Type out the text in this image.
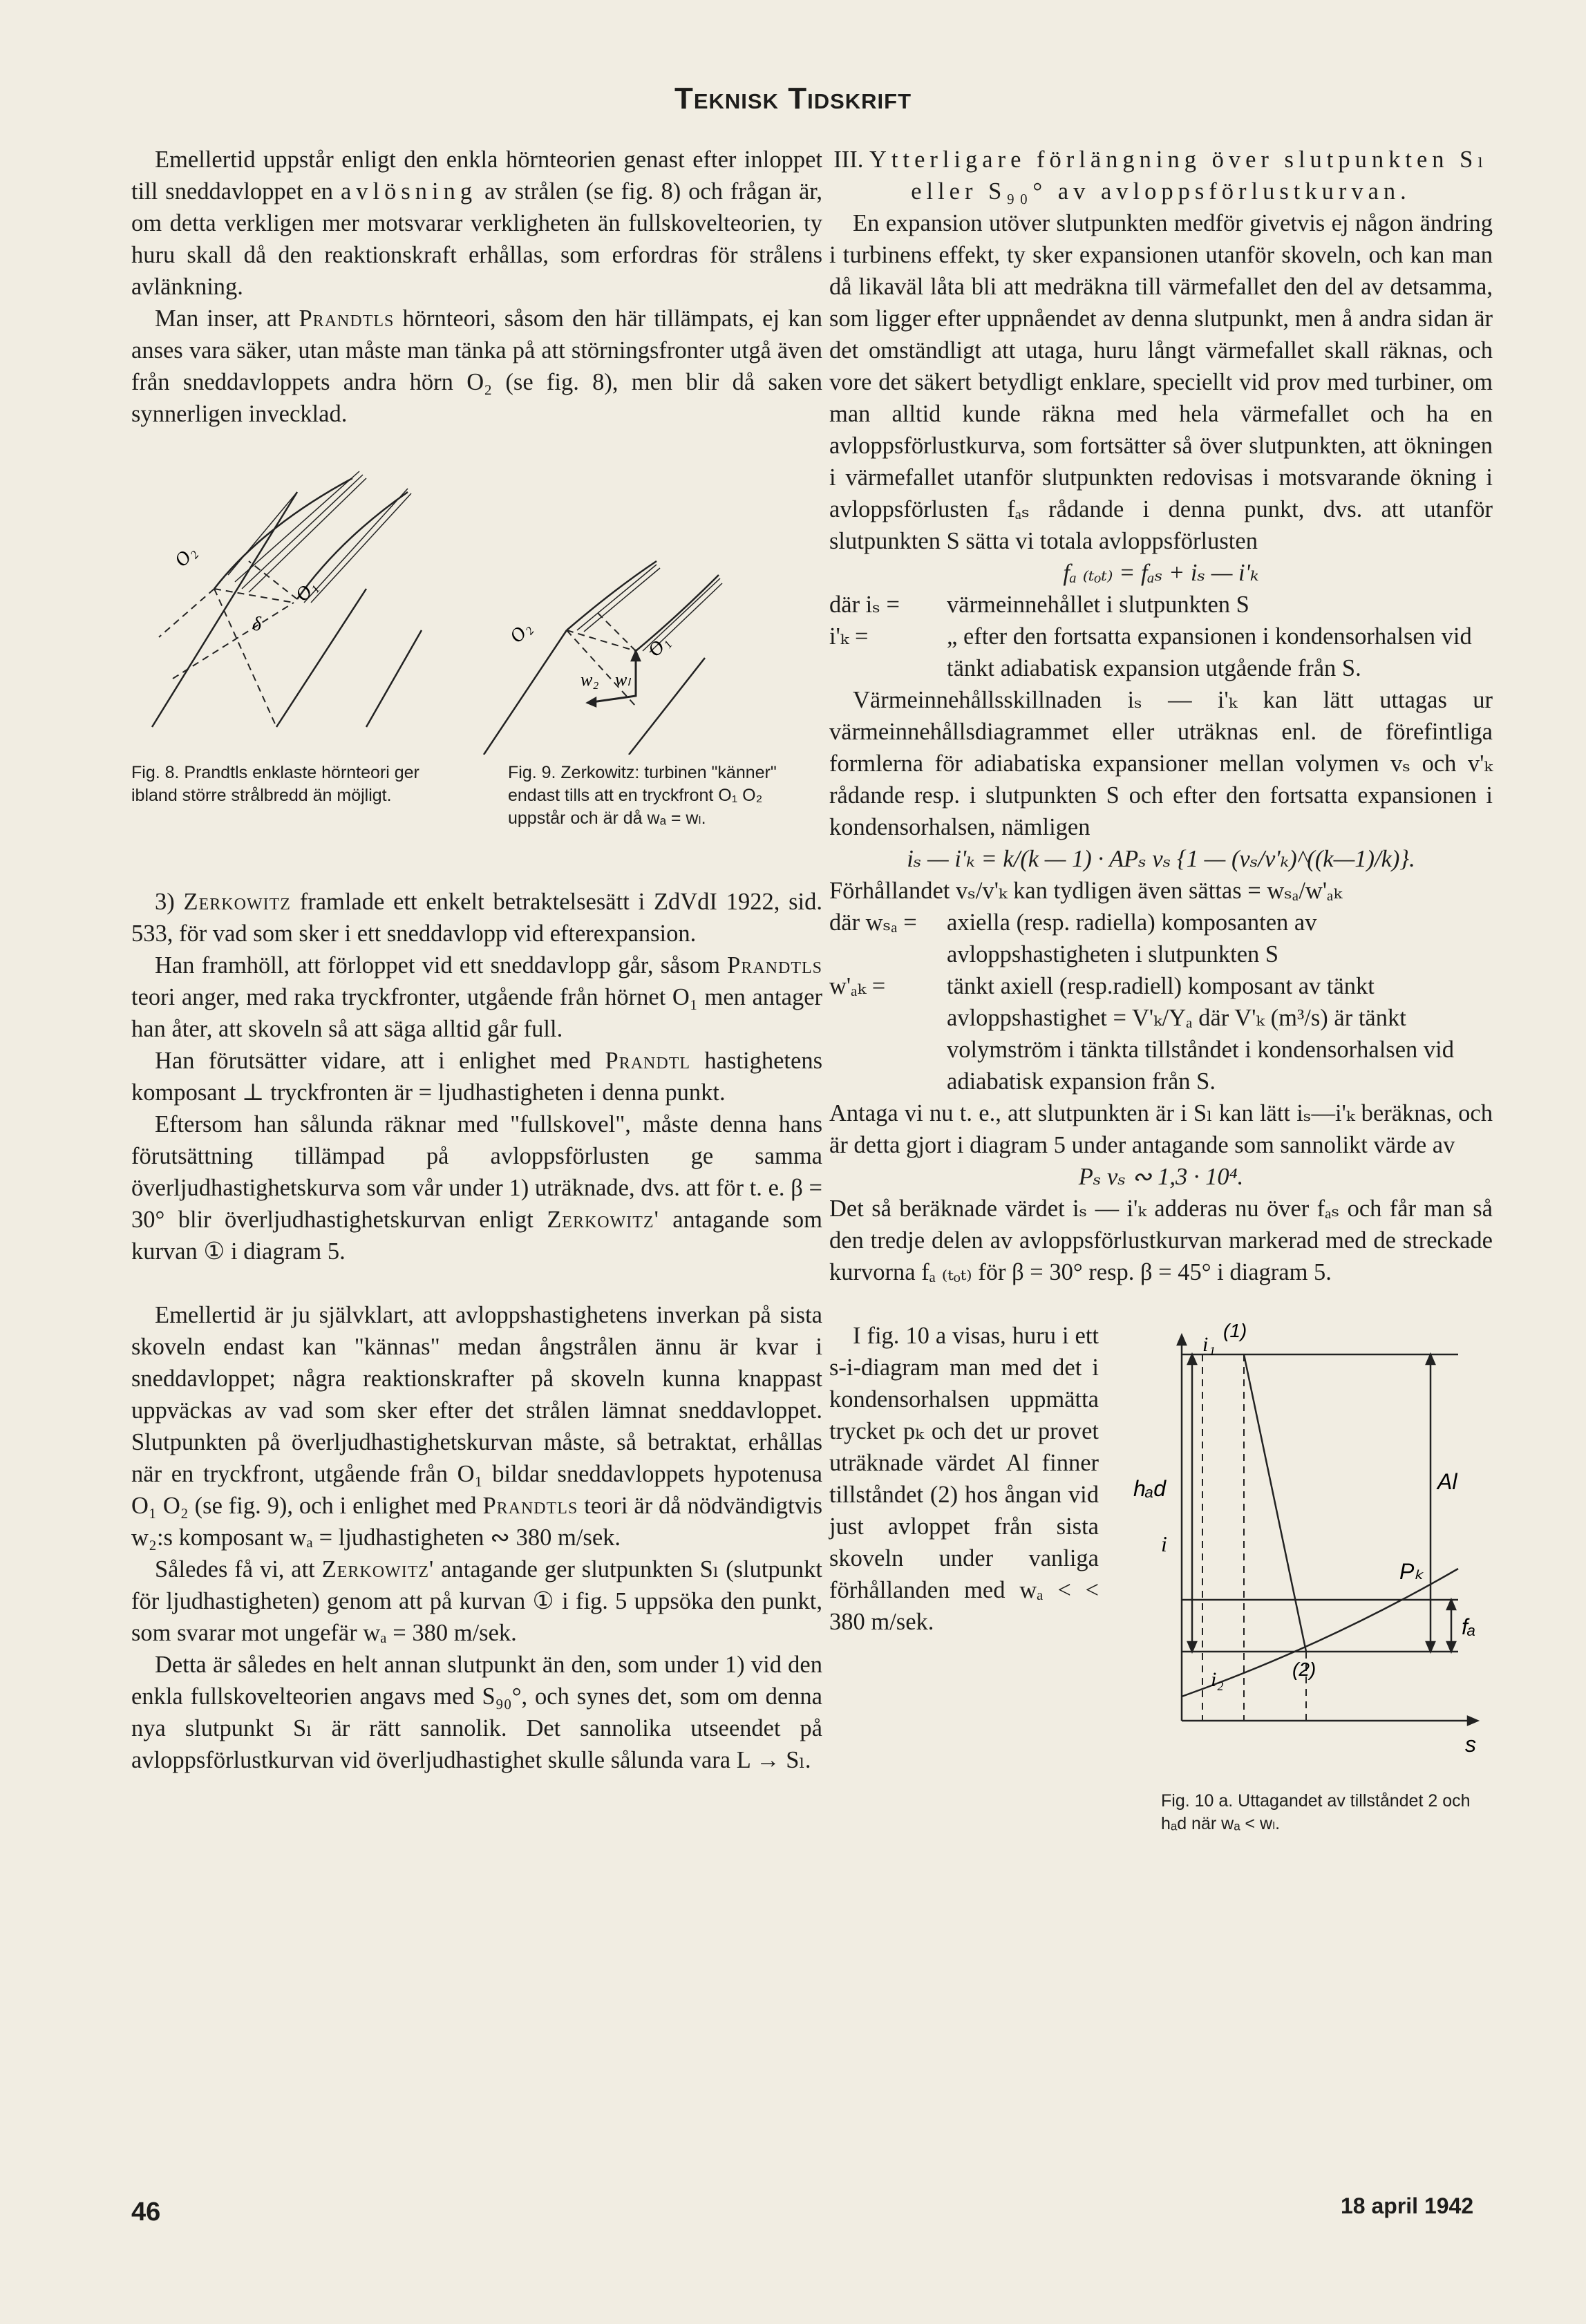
Teknisk Tidskrift

Emellertid uppstår enligt den enkla hörnteorien genast efter inloppet till sneddavloppet en avlösning av strålen (se fig. 8) och frågan är, om detta verkligen mer motsvarar verkligheten än fullskovelteorien, ty huru skall då den reaktionskraft erhållas, som erfordras för strålens avlänkning.

Man inser, att Prandtls hörnteori, såsom den här tillämpats, ej kan anses vara säker, utan måste man tänka på att störningsfronter utgå även från sneddavloppets andra hörn O₂ (se fig. 8), men blir då saken synnerligen invecklad.

O₂
O₁
δ	O₂	O₁
w₂ wₗ
Fig. 8. Prandtls enklaste hörnteori ger ibland större strålbredd än möjligt.
Fig. 9. Zerkowitz: turbinen "känner" endast tills att en tryckfront O₁ O₂ uppstår och är då wₐ = wₗ.

3) Zerkowitz framlade ett enkelt betraktelsesätt i ZdVdI 1922, sid. 533, för vad som sker i ett sneddavlopp vid efterexpansion.

Han framhöll, att förloppet vid ett sneddavlopp går, såsom Prandtls teori anger, med raka tryckfronter, utgående från hörnet O₁ men antager han åter, att skoveln så att säga alltid går full.

Han förutsätter vidare, att i enlighet med Prandtl hastighetens komposant ⊥ tryckfronten är = ljudhastigheten i denna punkt.

Eftersom han sålunda räknar med "fullskovel", måste denna hans förutsättning tillämpad på avloppsförlusten ge samma överljudhastighetskurva som vår under 1) uträknade, dvs. att för t. e. β = 30° blir överljudhastighetskurvan enligt Zerkowitz' antagande som kurvan ① i diagram 5.

Emellertid är ju självklart, att avloppshastighetens inverkan på sista skoveln endast kan "kännas" medan ångstrålen ännu är kvar i sneddavloppet; några reaktionskrafter på skoveln kunna knappast uppväckas av vad som sker efter det strålen lämnat sneddavloppet. Slutpunkten på överljudhastighetskurvan måste, så betraktat, erhållas när en tryckfront, utgående från O₁ bildar sneddavloppets hypotenusa O₁ O₂ (se fig. 9), och i enlighet med Prandtls teori är då nödvändigtvis w₂:s komposant wₐ = ljudhastigheten ∾ 380 m/sek.

Således få vi, att Zerkowitz' antagande ger slutpunkten Sₗ (slutpunkt för ljudhastigheten) genom att på kurvan ① i fig. 5 uppsöka den punkt, som svarar mot ungefär wₐ = 380 m/sek.

Detta är således en helt annan slutpunkt än den, som under 1) vid den enkla fullskovelteorien angavs med S₉₀°, och synes det, som om denna nya slutpunkt Sₗ är rätt sannolik. Det sannolika utseendet på avloppsförlustkurvan vid överljudhastighet skulle sålunda vara L → Sₗ.

III. Ytterligare förlängning över slutpunkten Sₗ eller S₉₀° av avloppsförlustkurvan.

En expansion utöver slutpunkten medför givetvis ej någon ändring i turbinens effekt, ty sker expansionen utanför skoveln, och kan man då likaväl låta bli att medräkna till värmefallet den del av detsamma, som ligger efter uppnåendet av denna slutpunkt, men å andra sidan är det omständligt att utaga, huru långt värmefallet skall räknas, och vore det säkert betydligt enklare, speciellt vid prov med turbiner, om man alltid kunde räkna med hela värmefallet och ha en avloppsförlustkurva, som fortsätter så över slutpunkten, att ökningen i värmefallet utanför slutpunkten redovisas i motsvarande ökning i avloppsförlusten fₐₛ rådande i denna punkt, dvs. att utanför slutpunkten S sätta vi totala avloppsförlusten

fₐ ₍ₜₒₜ₎ = fₐₛ + iₛ — i'ₖ

där iₛ =	värmeinnehållet i slutpunkten S
i'ₖ =	„ efter den fortsatta expansionen i kondensorhalsen vid tänkt adiabatisk expansion utgående från S.

Värmeinnehållsskillnaden iₛ — i'ₖ kan lätt uttagas ur värmeinnehållsdiagrammet eller uträknas enl. de förefintliga formlerna för adiabatiska expansioner mellan volymen vₛ och v'ₖ rådande resp. i slutpunkten S och efter den fortsatta expansionen i kondensorhalsen, nämligen

iₛ — i'ₖ = k/(k — 1) · APₛ vₛ {1 — (vₛ/v'ₖ)^((k—1)/k)}.

Förhållandet vₛ/v'ₖ kan tydligen även sättas = wₛₐ/w'ₐₖ

där wₛₐ =	axiella (resp. radiella) komposanten av avloppshastigheten i slutpunkten S
w'ₐₖ =	tänkt axiell (resp.radiell) komposant av tänkt avloppshastighet = V'ₖ/Yₐ där V'ₖ (m³/s) är tänkt volymström i tänkta tillståndet i kondensorhalsen vid adiabatisk expansion från S.

Antaga vi nu t. e., att slutpunkten är i Sₗ kan lätt iₛ—i'ₖ beräknas, och är detta gjort i diagram 5 under antagande som sannolikt värde av

Pₛ vₛ ∾ 1,3 · 10⁴.

Det så beräknade värdet iₛ — i'ₖ adderas nu över fₐₛ och får man så den tredje delen av avloppsförlustkurvan markerad med de streckade kurvorna fₐ ₍ₜₒₜ₎ för β = 30° resp. β = 45° i diagram 5.

I fig. 10 a visas, huru i ett s-i-diagram man med det i kondensorhalsen uppmätta trycket pₖ och det ur provet uträknade värdet Al finner tillståndet (2) hos ångan vid just avloppet från sista skoveln under vanliga förhållanden med wₐ < < 380 m/sek.

i₁
(1)
Al
hₐd
i
Pₖ
fₐ
i₂	(2)
s
Fig. 10 a. Uttagandet av tillståndet 2 och hₐd när wₐ < wₗ.
46	18 april 1942
